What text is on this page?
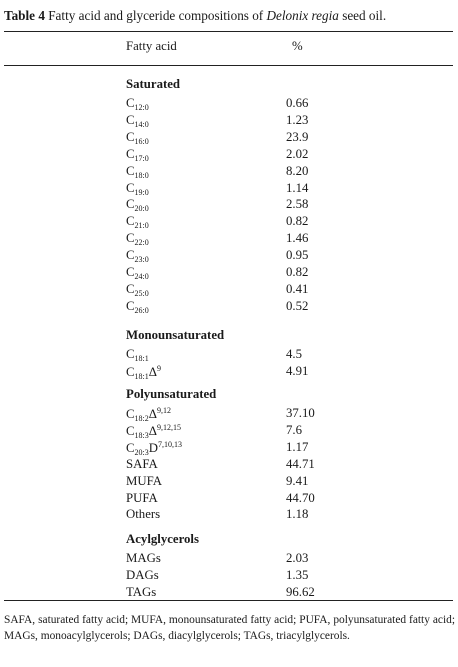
Table 4 Fatty acid and glyceride compositions of Delonix regia seed oil.
Fatty acid	%
Saturated
$C_{12:0}$	0.66
$C_{14:0}$	1.23
$C_{16:0}$	23.9
$C_{17:0}$	2.02
$C_{18:0}$	8.20
$C_{19:0}$	1.14
$C_{20:0}$	2.58
$C_{21:0}$	0.82
$C_{22:0}$	1.46
$C_{23:0}$	0.95
$C_{24:0}$	0.82
$C_{25:0}$	0.41
$C_{26:0}$	0.52
Monounsaturated
$C_{18:1}$	4.5
$C_{18:1}\Delta^9$	4.91
Polyunsaturated
$C_{18:2}\Delta^{9,12}$	37.10
$C_{18:3}\Delta^{9,12,15}$	7.6
$C_{20:3}D^{7,10,13}$	1.17
SAFA	44.71
MUFA	9.41
PUFA	44.70
Others	1.18
Acylglycerols
MAGs	2.03
DAGs	1.35
TAGs	96.62
SAFA, saturated fatty acid; MUFA, monounsaturated fatty acid; PUFA, polyunsaturated fatty acid; MAGs, monoacylglycerols; DAGs, diacylglycerols; TAGs, triacylglycerols.
